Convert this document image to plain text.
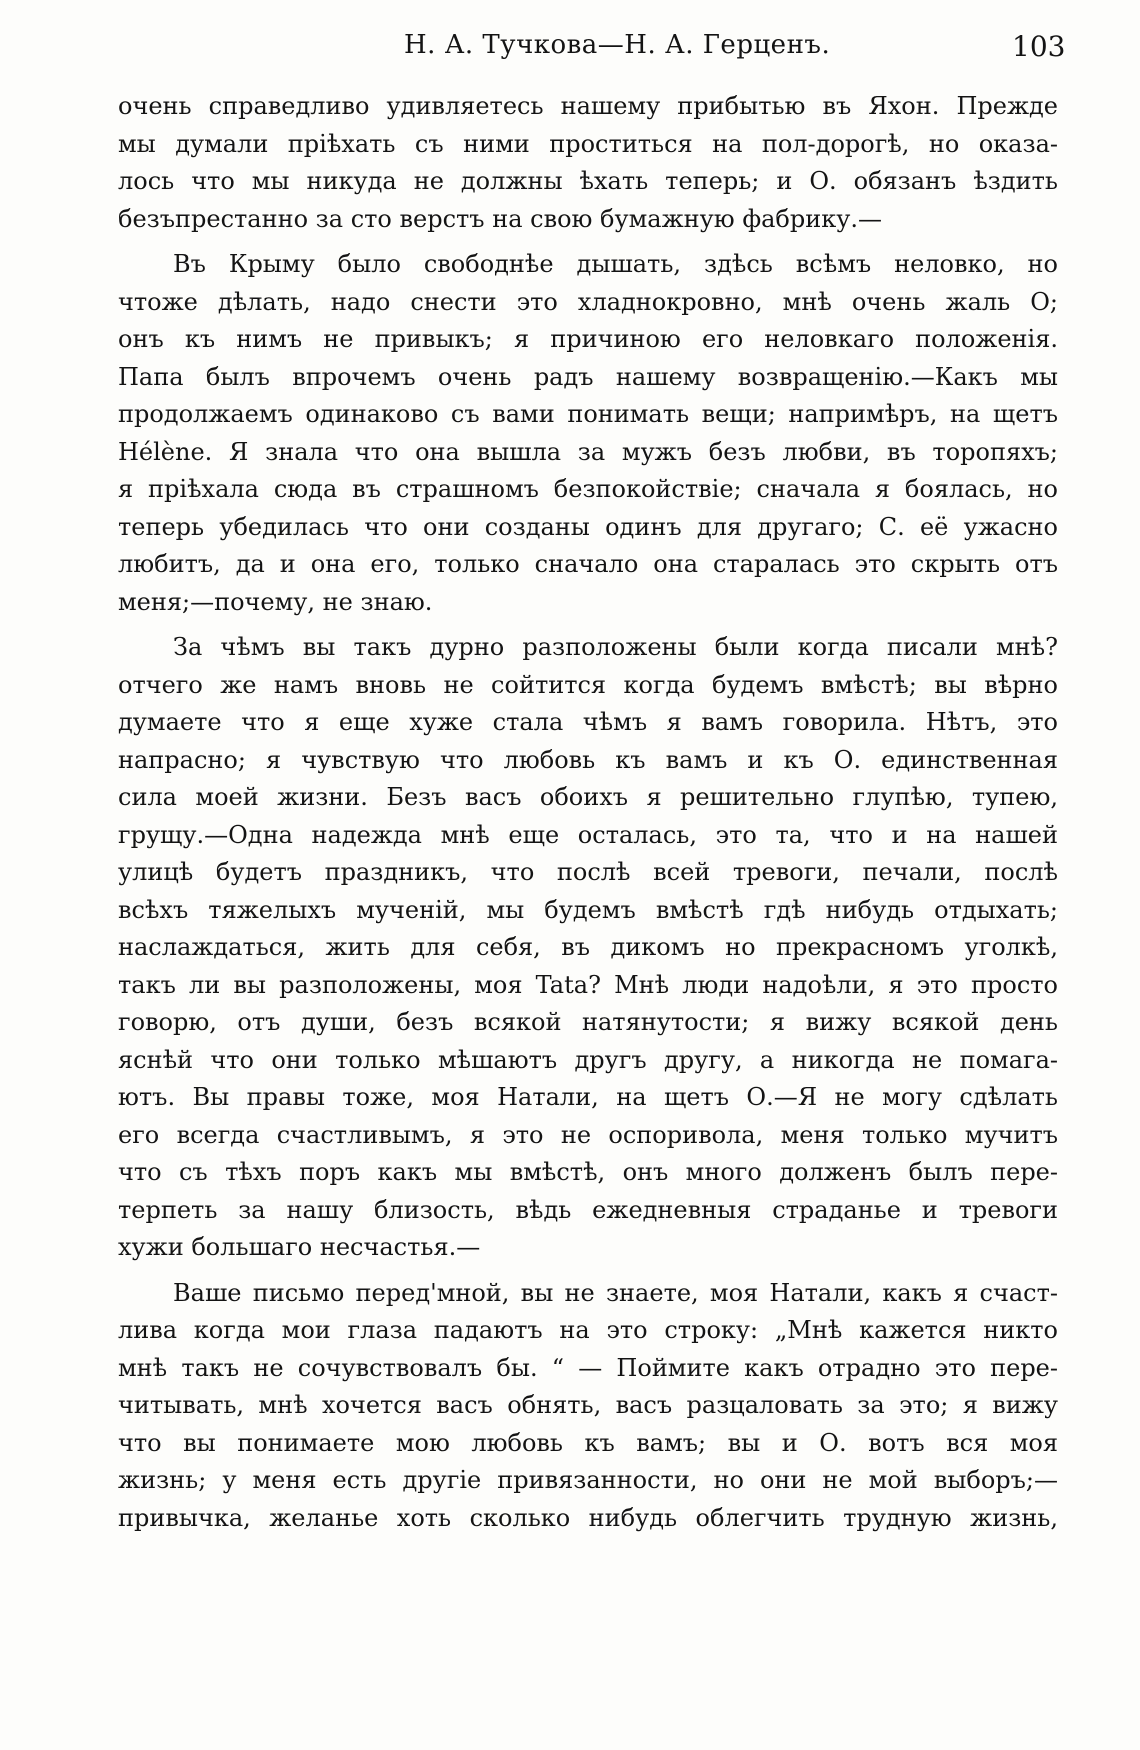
Н. А. Тучкова—Н. А. Герценъ.	103
очень справедливо удивляетесь нашему прибытью въ Яхон. Прежде
мы думали пріѣхать съ ними проститься на пол-дорогѣ, но оказа-
лось что мы никуда не должны ѣхать теперь; и О. обязанъ ѣздить
безъпрестанно за сто верстъ на свою бумажную фабрику.—
Въ Крыму было свободнѣе дышать, здѣсь всѣмъ неловко, но
чтоже дѣлать, надо снести это хладнокровно, мнѣ очень жаль О;
онъ къ нимъ не привыкъ; я причиною его неловкаго положенія.
Папа былъ впрочемъ очень радъ нашему возвращенію.—Какъ мы
продолжаемъ одинаково съ вами понимать вещи; напримѣръ, на щетъ
Hélène. Я знала что она вышла за мужъ безъ любви, въ торопяхъ;
я пріѣхала сюда въ страшномъ безпокойствіе; сначала я боялась, но
теперь убедилась что они созданы одинъ для другаго; С. её ужасно
любитъ, да и она его, только сначало она старалась это скрыть отъ
меня;—почему, не знаю.
За чѣмъ вы такъ дурно разположены были когда писали мнѣ?
отчего же намъ вновь не сойтится когда будемъ вмѣстѣ; вы вѣрно
думаете что я еще хуже стала чѣмъ я вамъ говорила. Нѣтъ, это
напрасно; я чувствую что любовь къ вамъ и къ О. единственная
сила моей жизни. Безъ васъ обоихъ я решительно глупѣю, тупею,
грущу.—Одна надежда мнѣ еще осталась, это та, что и на нашей
улицѣ будетъ праздникъ, что послѣ всей тревоги, печали, послѣ
всѣхъ тяжелыхъ мученій, мы будемъ вмѣстѣ гдѣ нибудь отдыхать;
наслаждаться, жить для себя, въ дикомъ но прекрасномъ уголкѣ,
такъ ли вы разположены, моя Tata? Мнѣ люди надоѣли, я это просто
говорю, отъ души, безъ всякой натянутости; я вижу всякой день
яснѣй что они только мѣшаютъ другъ другу, а никогда не помага-
ютъ. Вы правы тоже, моя Натали, на щетъ О.—Я не могу сдѣлать
его всегда счастливымъ, я это не оспоривола, меня только мучитъ
что съ тѣхъ поръ какъ мы вмѣстѣ, онъ много долженъ былъ пере-
терпеть за нашу близость, вѣдь ежедневныя страданье и тревоги
хужи большаго несчастья.—
Ваше письмо перед'мной, вы не знаете, моя Натали, какъ я счаст-
лива когда мои глаза падаютъ на это строку: „Мнѣ кажется никто
мнѣ такъ не сочувствовалъ бы. “ — Поймите какъ отрадно это пере-
читывать, мнѣ хочется васъ обнять, васъ разцаловать за это; я вижу
что вы понимаете мою любовь къ вамъ; вы и О. вотъ вся моя
жизнь; у меня есть другіе привязанности, но они не мой выборъ;—
привычка, желанье хоть сколько нибудь облегчить трудную жизнь,
